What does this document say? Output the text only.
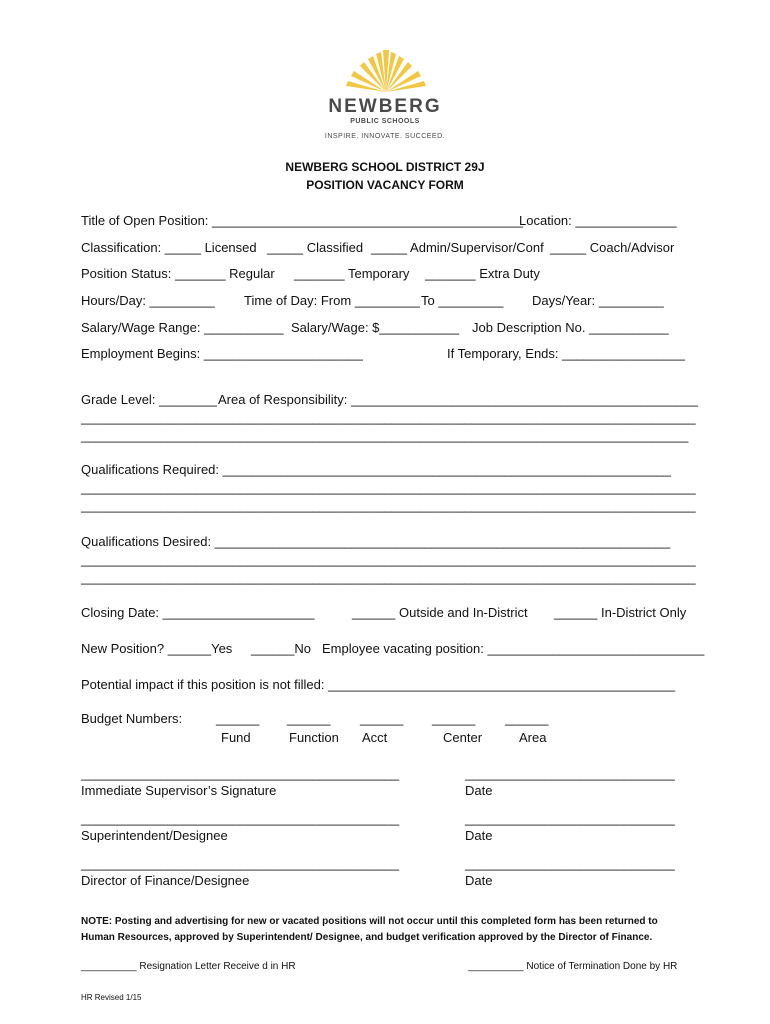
NEWBERG
PUBLIC SCHOOLS
INSPIRE. INNOVATE. SUCCEED.
NEWBERG SCHOOL DISTRICT 29J
POSITION VACANCY FORM
Title of Open Position: ___________________________________________
Location: ______________
Classification: _____ Licensed _____ Classified _____ Admin/Supervisor/Conf _____ Coach/Advisor
Position Status: _______ Regular _______ Temporary _______ Extra Duty
Hours/Day: _________ Time of Day: From _________ To _________ Days/Year: _________
Salary/Wage Range: ___________ Salary/Wage: $___________ Job Description No. ___________
Employment Begins: ______________________	If Temporary, Ends: _________________
Grade Level: ________ Area of Responsibility: ________________________________________________
_____________________________________________________________________________________
____________________________________________________________________________________
Qualifications Required: ______________________________________________________________
_____________________________________________________________________________________
_____________________________________________________________________________________
Qualifications Desired: _______________________________________________________________
_____________________________________________________________________________________
_____________________________________________________________________________________
Closing Date: _____________________	______ Outside and In-District ______ In-District Only
New Position? ______Yes ______No Employee vacating position: ______________________________
Potential impact if this position is not filled: ________________________________________________
Budget Numbers:	______ ______ ______ ______ ______
Fund	Function Acct	Center	Area
____________________________________________	_____________________________
Immediate Supervisor’s Signature	Date
____________________________________________	_____________________________
Superintendent/Designee	Date
____________________________________________	_____________________________
Director of Finance/Designee	Date
NOTE: Posting and advertising for new or vacated positions will not occur until this completed form has been returned to
Human Resources, approved by Superintendent/ Designee, and budget verification approved by the Director of Finance.
__________ Resignation Letter Receive d in HR	__________ Notice of Termination Done by HR
HR Revised 1/15
